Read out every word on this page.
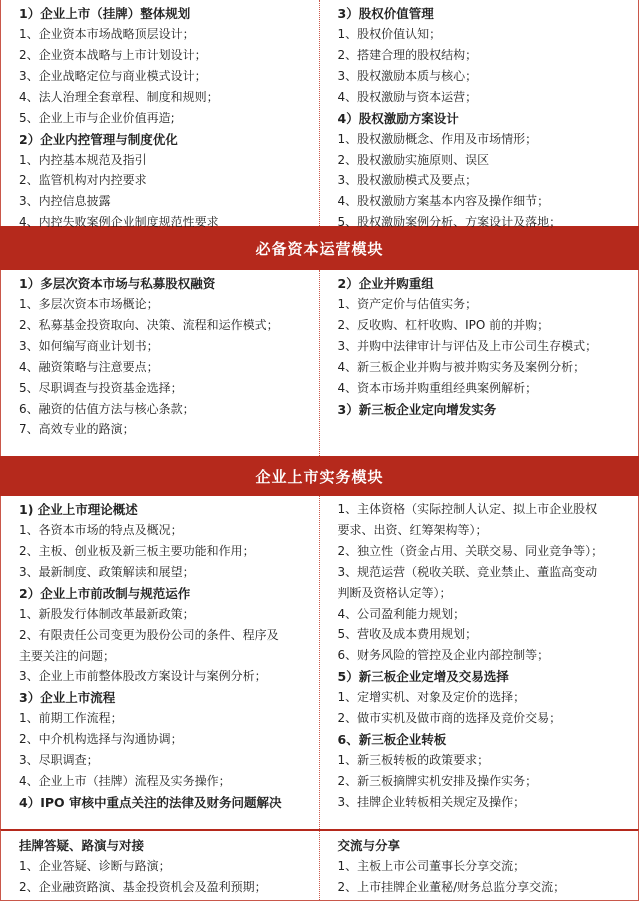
1）企业上市（挂牌）整体规划
1、企业资本市场战略顶层设计；
2、企业资本战略与上市计划设计；
3、企业战略定位与商业模式设计；
4、法人治理全套章程、制度和规则；
5、企业上市与企业价值再造;
2）企业内控管理与制度优化
1、内控基本规范及指引
2、监管机构对内控要求
3、内控信息披露
4、内控失败案例企业制度规范性要求
3）股权价值管理
1、股权价值认知；
2、搭建合理的股权结构；
3、股权激励本质与核心；
4、股权激励与资本运营；
4）股权激励方案设计
1、股权激励概念、作用及市场情形；
2、股权激励实施原则、误区
3、股权激励模式及要点；
4、股权激励方案基本内容及操作细节；
5、股权激励案例分析、方案设计及落地；
必备资本运营模块
1）多层次资本市场与私募股权融资
1、多层次资本市场概论；
2、私募基金投资取向、决策、流程和运作模式；
3、如何编写商业计划书；
4、融资策略与注意要点；
5、尽职调查与投资基金选择；
6、融资的估值方法与核心条款；
7、高效专业的路演；
2）企业并购重组
1、资产定价与估值实务；
2、反收购、杠杆收购、IPO 前的并购；
3、并购中法律审计与评估及上市公司生存模式；
4、新三板企业并购与被并购实务及案例分析；
4、资本市场并购重组经典案例解析；
3）新三板企业定向增发实务
企业上市实务模块
1) 企业上市理论概述
1、各资本市场的特点及概况；
2、主板、创业板及新三板主要功能和作用；
3、最新制度、政策解读和展望；
2）企业上市前改制与规范运作
1、新股发行体制改革最新政策；
2、有限责任公司变更为股份公司的条件、程序及
主要关注的问题；
3、企业上市前整体股改方案设计与案例分析；
3）企业上市流程
1、前期工作流程；
2、中介机构选择与沟通协调；
3、尽职调查；
4、企业上市（挂牌）流程及实务操作；
4）IPO 审核中重点关注的法律及财务问题解决
1、主体资格（实际控制人认定、拟上市企业股权
要求、出资、红筹架构等）；
2、独立性（资金占用、关联交易、同业竞争等）；
3、规范运营（税收关联、竞业禁止、董监高变动
判断及资格认定等）；
4、公司盈利能力规划；
5、营收及成本费用规划；
6、财务风险的管控及企业内部控制等；
5）新三板企业定增及交易选择
1、定增实机、对象及定价的选择；
2、做市实机及做市商的选择及竞价交易；
6、新三板企业转板
1、新三板转板的政策要求；
2、新三板摘牌实机安排及操作实务；
3、挂牌企业转板相关规定及操作；
挂牌答疑、路演与对接
1、企业答疑、诊断与路演；
2、企业融资路演、基金投资机会及盈利预期；
交流与分享
1、主板上市公司董事长分享交流；
2、上市挂牌企业董秘/财务总监分享交流；
